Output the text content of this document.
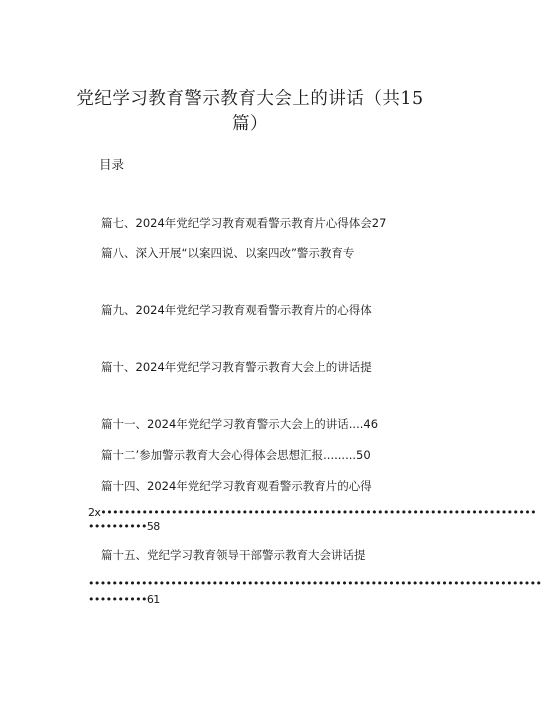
党纪学习教育警示教育大会上的讲话（共15
篇）
目录
篇七、2024年党纪学习教育观看警示教育片心得体会27
篇八、深入开展“以案四说、以案四改”警示教育专
篇九、2024年党纪学习教育观看警示教育片的心得体
篇十、2024年党纪学习教育警示教育大会上的讲话提
篇十一、2024年党纪学习教育警示大会上的讲话....46
篇十二’参加警示教育大会心得体会思想汇报.........50
篇十四、2024年党纪学习教育观看警示教育片的心得
2x••••••••••••••••••••••••••••••••••••••••••••••••••••••••••••••••••••••••••
••••••••••58
篇十五、党纪学习教育领导干部警示教育大会讲话提
•••••••••••••••••••••••••••••••••••••••••••••••••••••••••••••••••••••••••••••
••••••••••61
